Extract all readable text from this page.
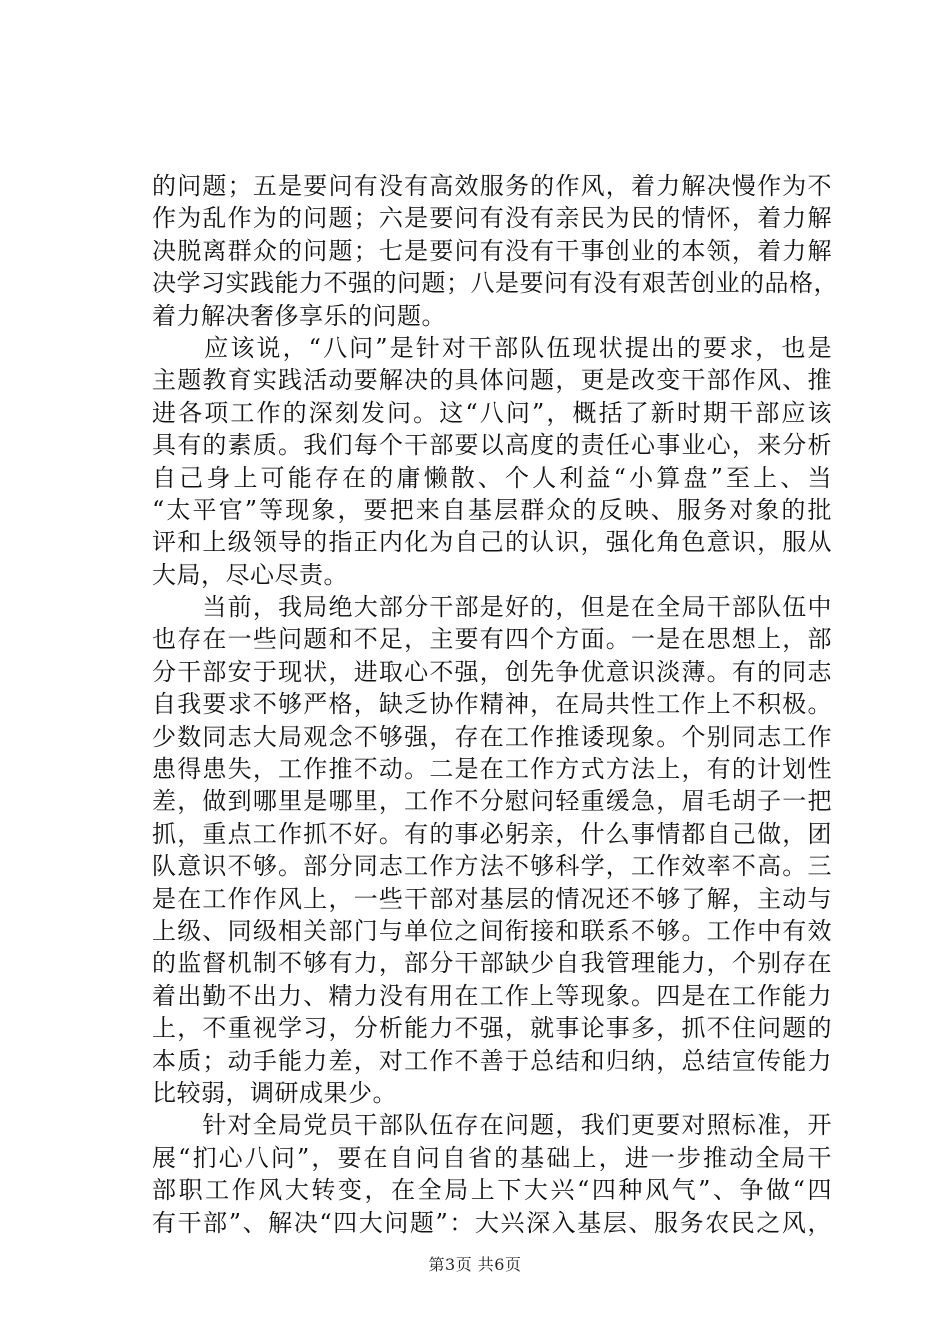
的问题；五是要问有没有高效服务的作风，着力解决慢作为不
作为乱作为的问题；六是要问有没有亲民为民的情怀，着力解
决脱离群众的问题；七是要问有没有干事创业的本领，着力解
决学习实践能力不强的问题；八是要问有没有艰苦创业的品格，
着力解决奢侈享乐的问题。
　　应该说，“八问”是针对干部队伍现状提出的要求，也是
主题教育实践活动要解决的具体问题，更是改变干部作风、推
进各项工作的深刻发问。这“八问”，概括了新时期干部应该
具有的素质。我们每个干部要以高度的责任心事业心，来分析
自己身上可能存在的庸懒散、个人利益“小算盘”至上、当
“太平官”等现象，要把来自基层群众的反映、服务对象的批
评和上级领导的指正内化为自己的认识，强化角色意识，服从
大局，尽心尽责。
　　当前，我局绝大部分干部是好的，但是在全局干部队伍中
也存在一些问题和不足，主要有四个方面。一是在思想上，部
分干部安于现状，进取心不强，创先争优意识淡薄。有的同志
自我要求不够严格，缺乏协作精神，在局共性工作上不积极。
少数同志大局观念不够强，存在工作推诿现象。个别同志工作
患得患失，工作推不动。二是在工作方式方法上，有的计划性
差，做到哪里是哪里，工作不分慰问轻重缓急，眉毛胡子一把
抓，重点工作抓不好。有的事必躬亲，什么事情都自己做，团
队意识不够。部分同志工作方法不够科学，工作效率不高。三
是在工作作风上，一些干部对基层的情况还不够了解，主动与
上级、同级相关部门与单位之间衔接和联系不够。工作中有效
的监督机制不够有力，部分干部缺少自我管理能力，个别存在
着出勤不出力、精力没有用在工作上等现象。四是在工作能力
上，不重视学习，分析能力不强，就事论事多，抓不住问题的
本质；动手能力差，对工作不善于总结和归纳，总结宣传能力
比较弱，调研成果少。
　　针对全局党员干部队伍存在问题，我们更要对照标准，开
展“扪心八问”，要在自问自省的基础上，进一步推动全局干
部职工作风大转变，在全局上下大兴“四种风气”、争做“四
有干部”、解决“四大问题”：大兴深入基层、服务农民之风，
第3页 共6页
